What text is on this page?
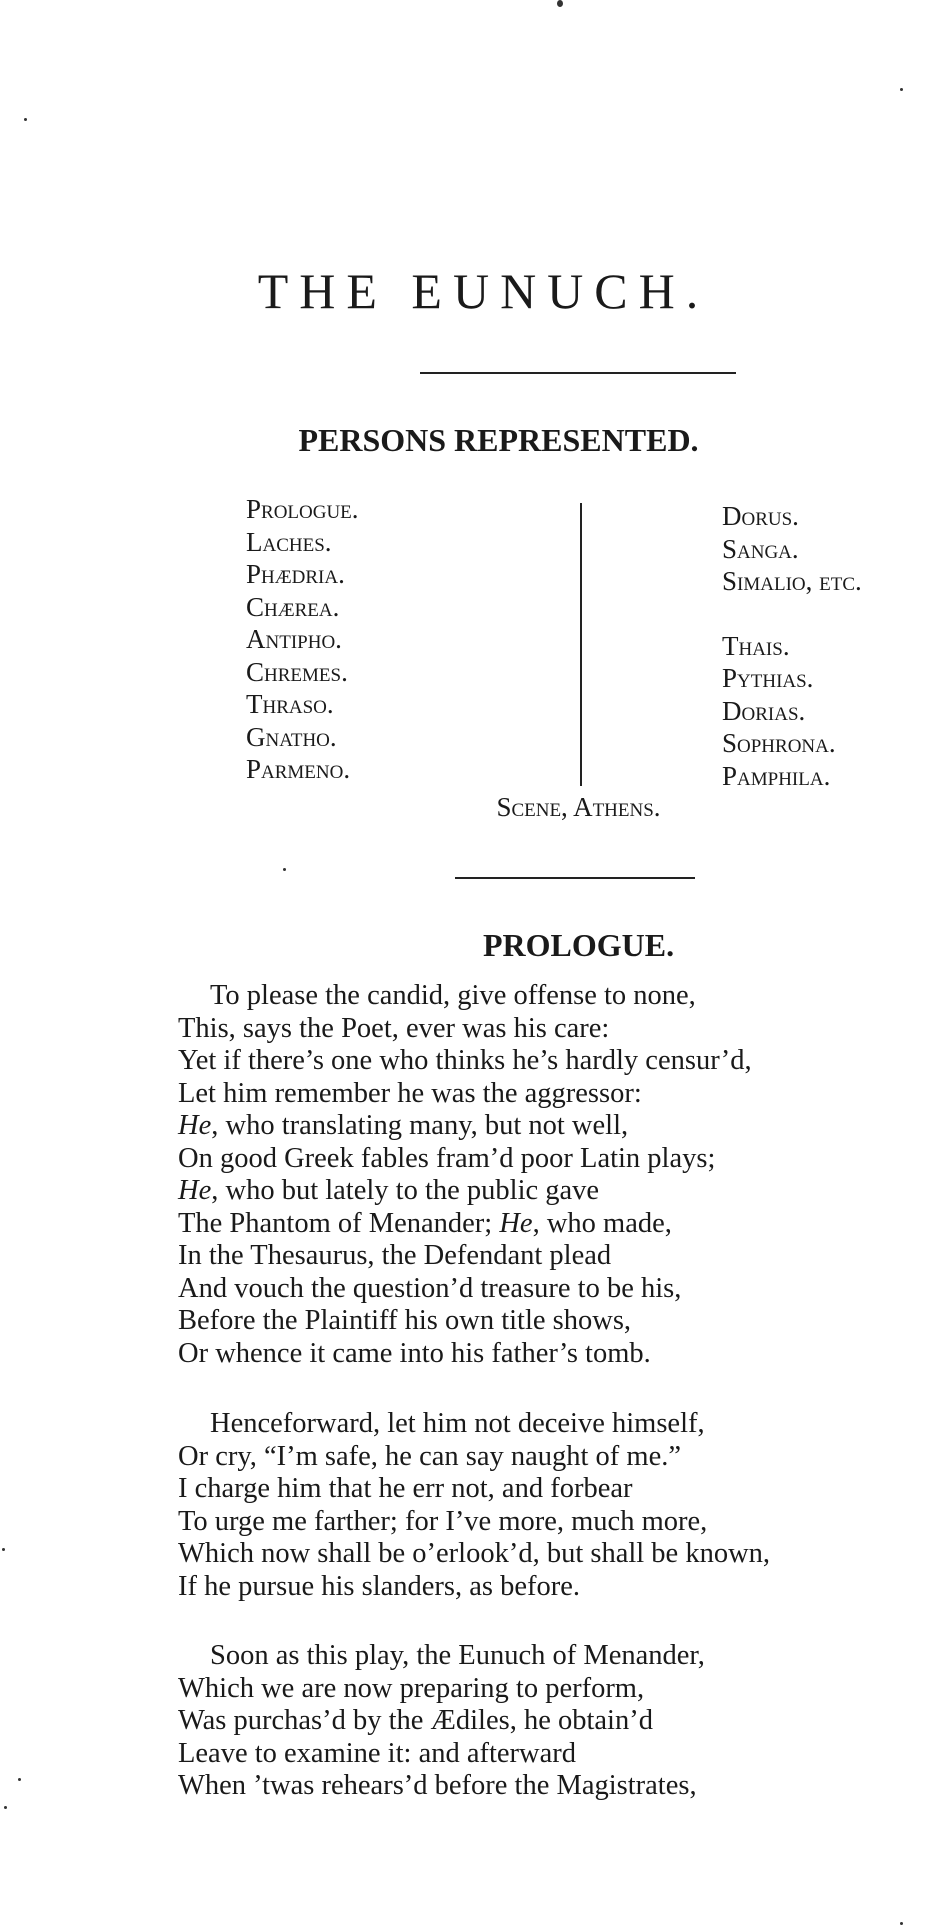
THE EUNUCH.
PERSONS REPRESENTED.
Prologue.
Laches.
Phædria.
Chærea.
Antipho.
Chremes.
Thraso.
Gnatho.
Parmeno.
Dorus.
Sanga.
Simalio, etc.
Thais.
Pythias.
Dorias.
Sophrona.
Pamphila.
Scene, Athens.
PROLOGUE.
To please the candid, give offense to none,
This, says the Poet, ever was his care:
Yet if there’s one who thinks he’s hardly censur’d,
Let him remember he was the aggressor:
He, who translating many, but not well,
On good Greek fables fram’d poor Latin plays;
He, who but lately to the public gave
The Phantom of Menander; He, who made,
In the Thesaurus, the Defendant plead
And vouch the question’d treasure to be his,
Before the Plaintiff his own title shows,
Or whence it came into his father’s tomb.
Henceforward, let him not deceive himself,
Or cry, “I’m safe, he can say naught of me.”
I charge him that he err not, and forbear
To urge me farther; for I’ve more, much more,
Which now shall be o’erlook’d, but shall be known,
If he pursue his slanders, as before.
Soon as this play, the Eunuch of Menander,
Which we are now preparing to perform,
Was purchas’d by the Ædiles, he obtain’d
Leave to examine it: and afterward
When ’twas rehears’d before the Magistrates,
